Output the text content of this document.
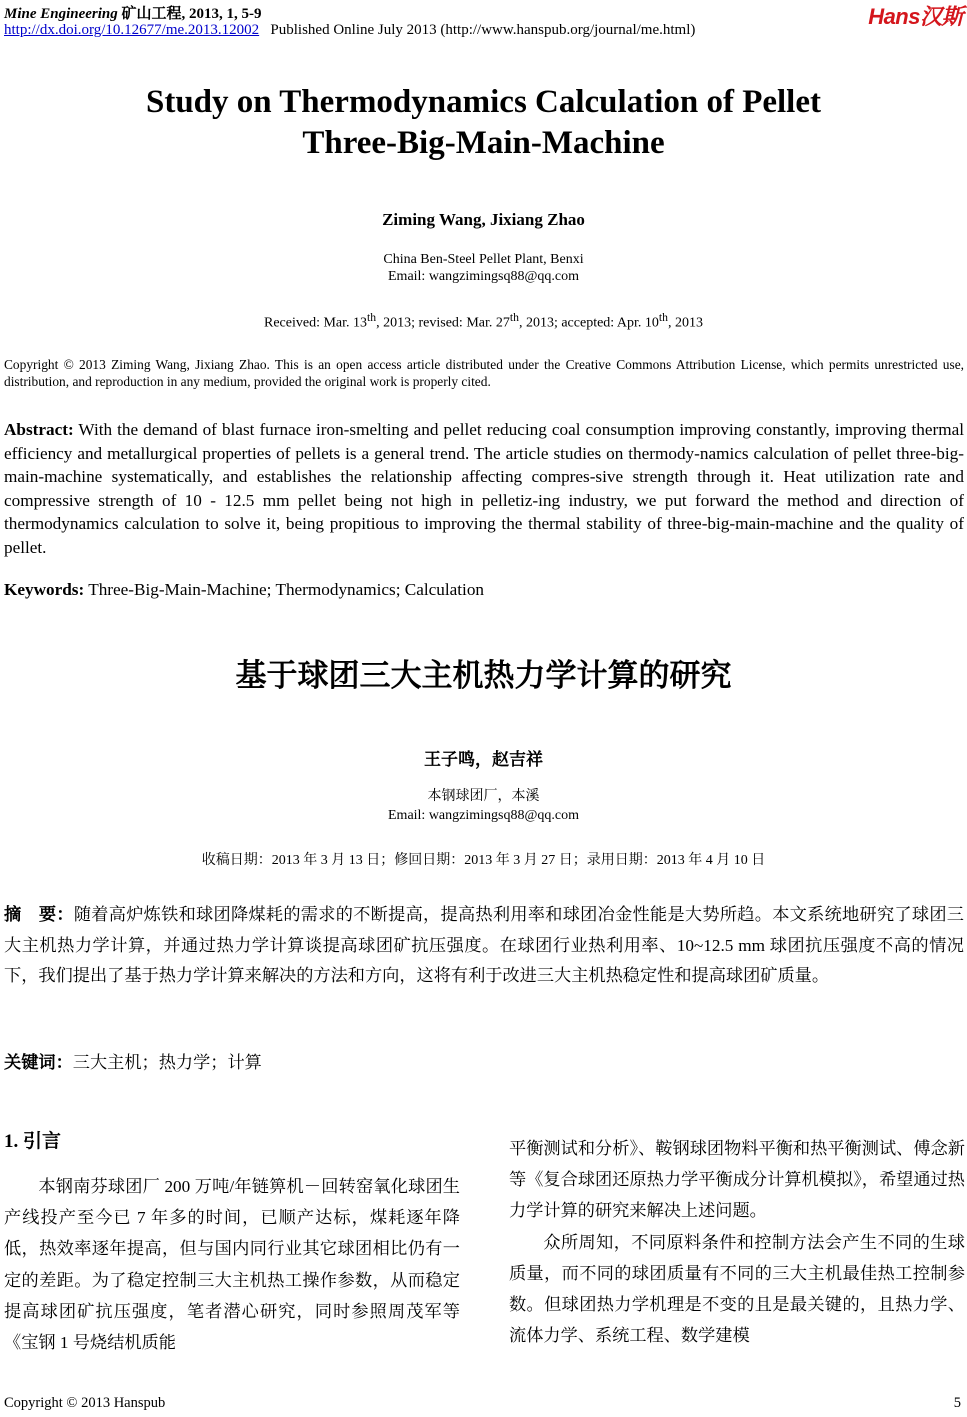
Mine Engineering 矿山工程, 2013, 1, 5-9
http://dx.doi.org/10.12677/me.2013.12002 Published Online July 2013 (http://www.hanspub.org/journal/me.html)
Hans汉斯
Study on Thermodynamics Calculation of Pellet
Three-Big-Main-Machine
Ziming Wang, Jixiang Zhao
China Ben-Steel Pellet Plant, Benxi
Email: wangzimingsq88@qq.com
Received: Mar. 13th, 2013; revised: Mar. 27th, 2013; accepted: Apr. 10th, 2013
Copyright © 2013 Ziming Wang, Jixiang Zhao. This is an open access article distributed under the Creative Commons Attribution License, which permits unrestricted use, distribution, and reproduction in any medium, provided the original work is properly cited.
Abstract: With the demand of blast furnace iron-smelting and pellet reducing coal consumption improving constantly, improving thermal efficiency and metallurgical properties of pellets is a general trend. The article studies on thermody-namics calculation of pellet three-big-main-machine systematically, and establishes the relationship affecting compres-sive strength through it. Heat utilization rate and compressive strength of 10 - 12.5 mm pellet being not high in pelletiz-ing industry, we put forward the method and direction of thermodynamics calculation to solve it, being propitious to improving the thermal stability of three-big-main-machine and the quality of pellet.
Keywords: Three-Big-Main-Machine; Thermodynamics; Calculation
基于球团三大主机热力学计算的研究
王子鸣，赵吉祥
本钢球团厂，本溪
Email: wangzimingsq88@qq.com
收稿日期：2013 年 3 月 13 日；修回日期：2013 年 3 月 27 日；录用日期：2013 年 4 月 10 日
摘　要：随着高炉炼铁和球团降煤耗的需求的不断提高，提高热利用率和球团冶金性能是大势所趋。本文系统地研究了球团三大主机热力学计算，并通过热力学计算谈提高球团矿抗压强度。在球团行业热利用率、10~12.5 mm 球团抗压强度不高的情况下，我们提出了基于热力学计算来解决的方法和方向，这将有利于改进三大主机热稳定性和提高球团矿质量。
关键词：三大主机；热力学；计算
1. 引言
本钢南芬球团厂 200 万吨/年链箅机－回转窑氧化球团生产线投产至今已 7 年多的时间，已顺产达标，煤耗逐年降低，热效率逐年提高，但与国内同行业其它球团相比仍有一定的差距。为了稳定控制三大主机热工操作参数，从而稳定提高球团矿抗压强度，笔者潜心研究，同时参照周茂军等《宝钢 1 号烧结机质能
平衡测试和分析》、鞍钢球团物料平衡和热平衡测试、傅念新等《复合球团还原热力学平衡成分计算机模拟》，希望通过热力学计算的研究来解决上述问题。
众所周知，不同原料条件和控制方法会产生不同的生球质量，而不同的球团质量有不同的三大主机最佳热工控制参数。但球团热力学机理是不变的且是最关键的，且热力学、流体力学、系统工程、数学建模
Copyright © 2013 Hanspub	5
